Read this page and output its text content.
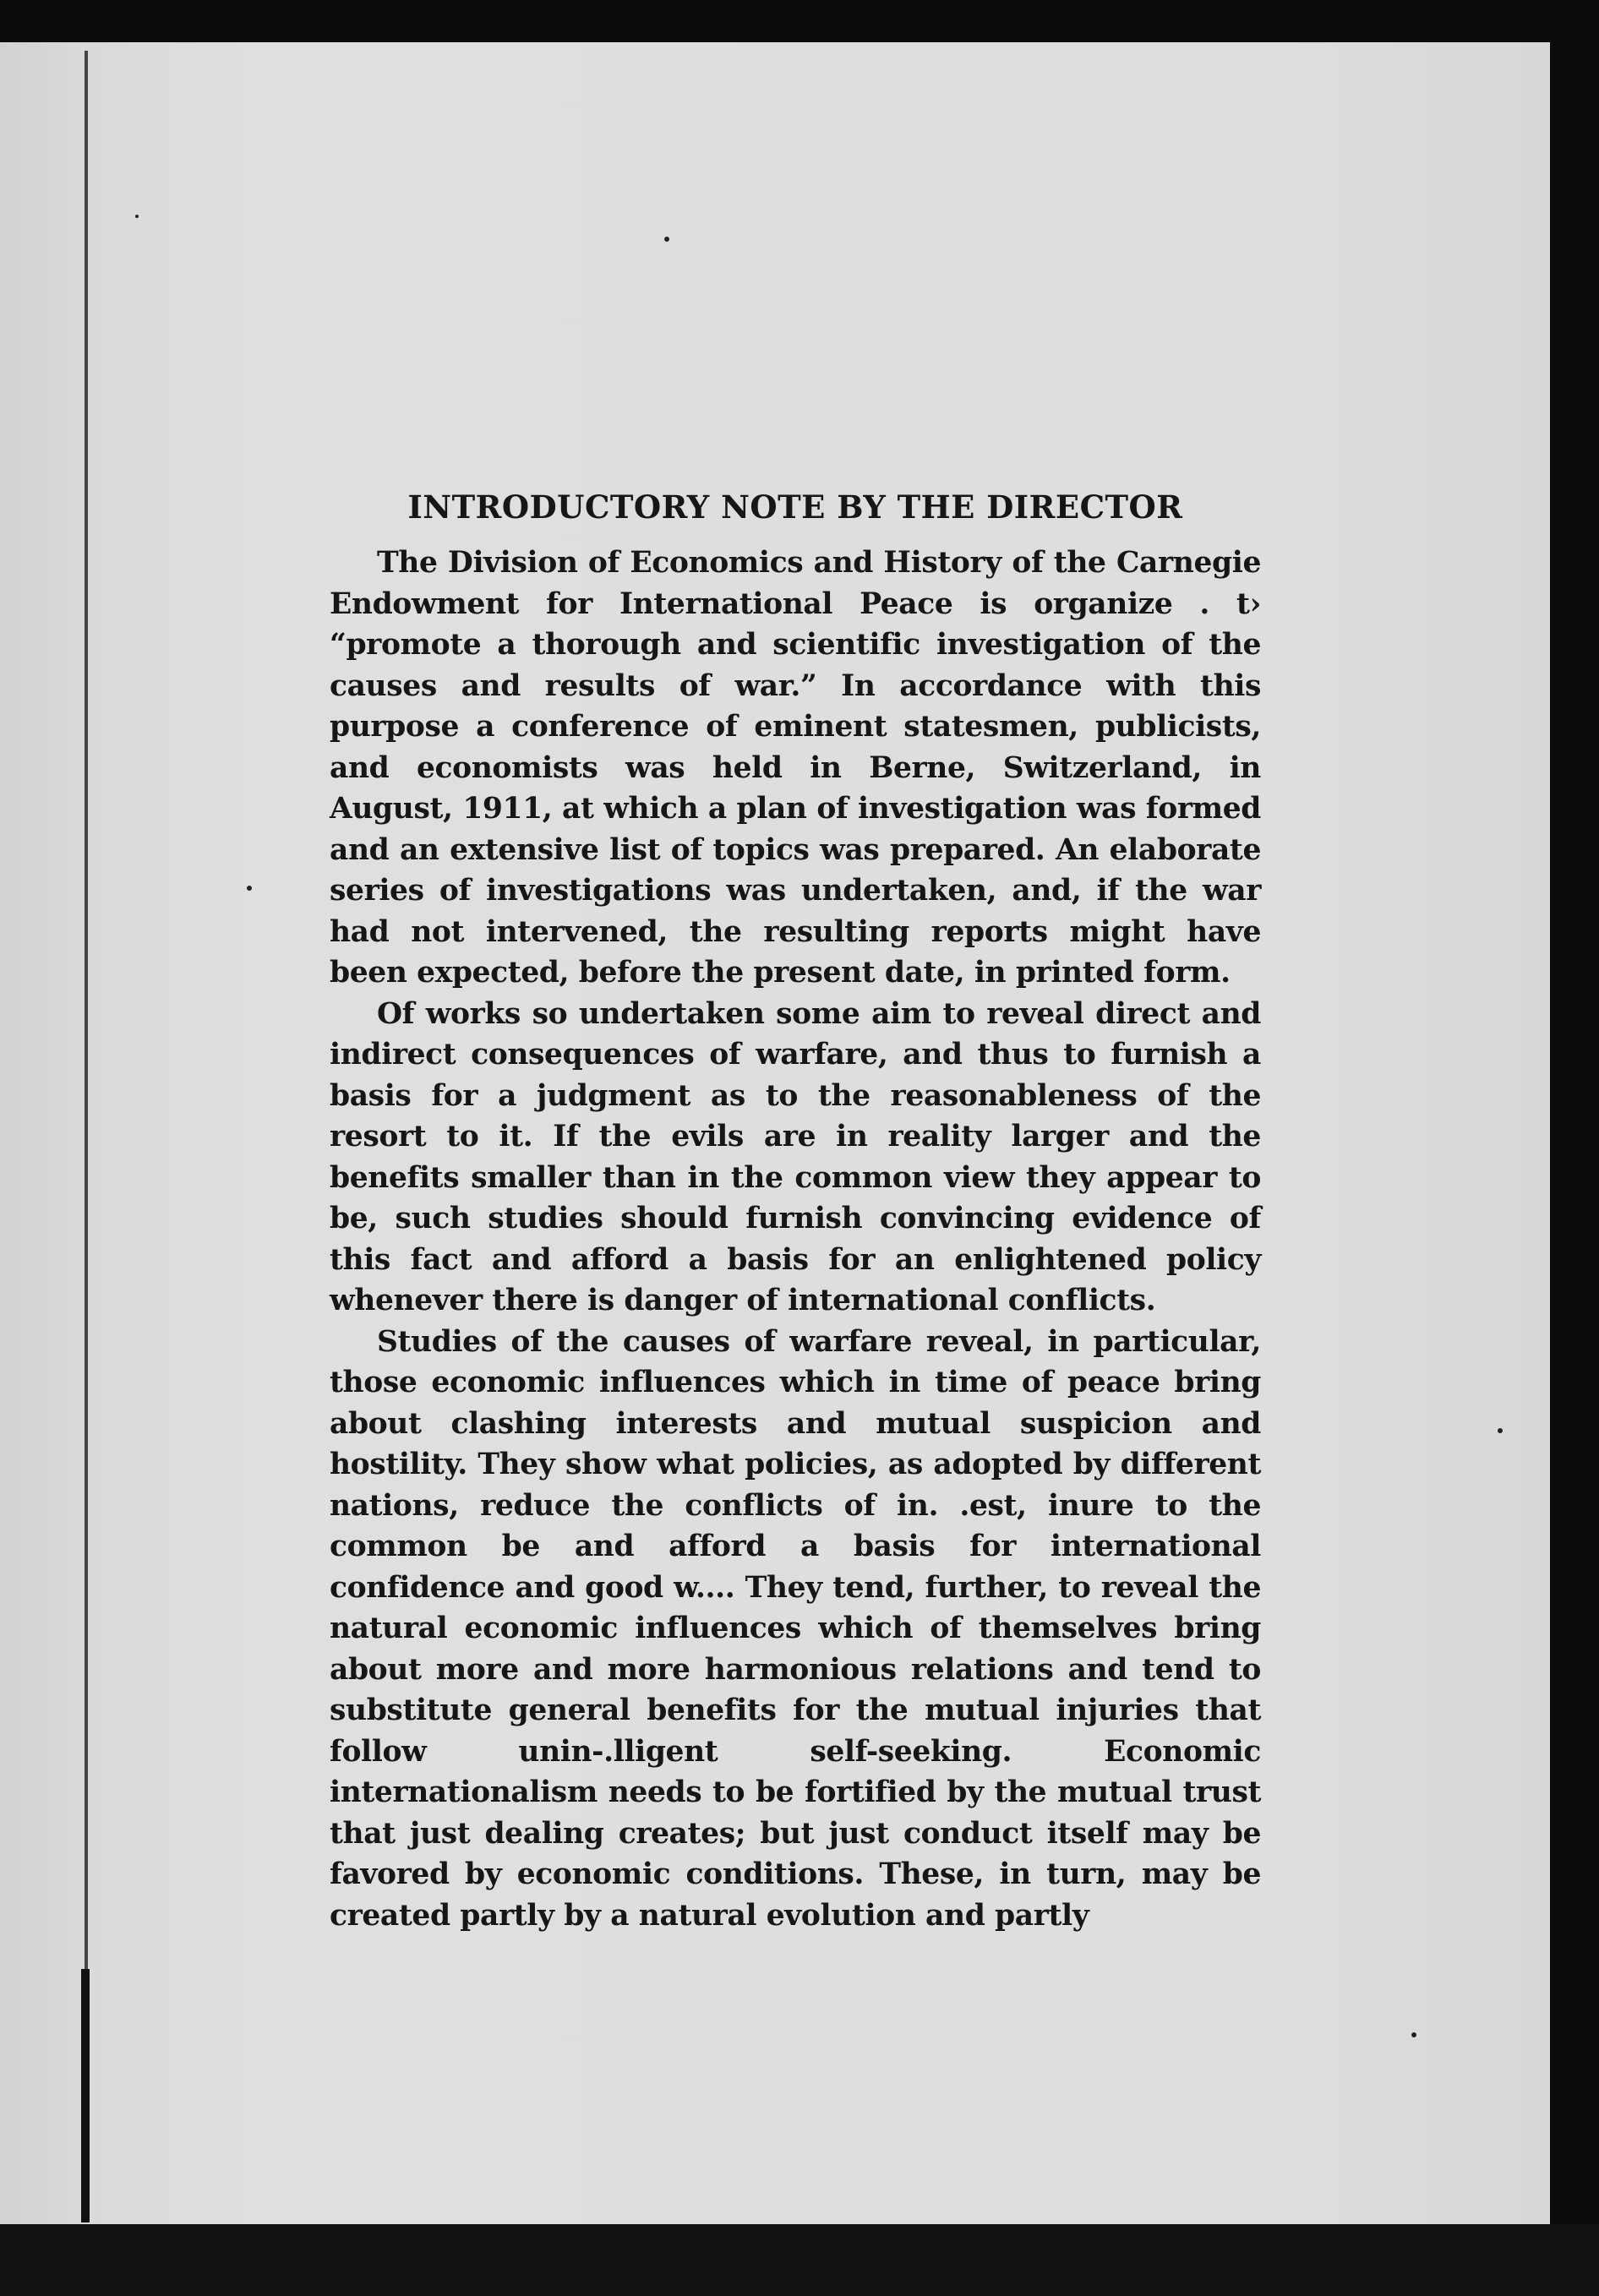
INTRODUCTORY NOTE BY THE DIRECTOR

The Division of Economics and History of the Carnegie Endowment for International Peace is organize . t› “promote a thorough and scientific investigation of the causes and results of war.” In accordance with this purpose a conference of eminent statesmen, publicists, and economists was held in Berne, Switzerland, in August, 1911, at which a plan of investigation was formed and an extensive list of topics was prepared. An elaborate series of investigations was undertaken, and, if the war had not intervened, the resulting reports might have been expected, before the present date, in printed form.

Of works so undertaken some aim to reveal direct and indirect consequences of warfare, and thus to furnish a basis for a judgment as to the reasonableness of the resort to it. If the evils are in reality larger and the benefits smaller than in the common view they appear to be, such studies should furnish convincing evidence of this fact and afford a basis for an enlightened policy whenever there is danger of international conflicts.

Studies of the causes of warfare reveal, in particular, those economic influences which in time of peace bring about clashing interests and mutual suspicion and hostility. They show what policies, as adopted by different nations, reduce the conflicts of in. .est, inure to the common be and afford a basis for international confidence and good w.... They tend, further, to reveal the natural economic influences which of themselves bring about more and more harmonious relations and tend to substitute general benefits for the mutual injuries that follow unin-.lligent self-seeking. Economic internationalism needs to be fortified by the mutual trust that just dealing creates; but just conduct itself may be favored by economic conditions. These, in turn, may be created partly by a natural evolution and partly
